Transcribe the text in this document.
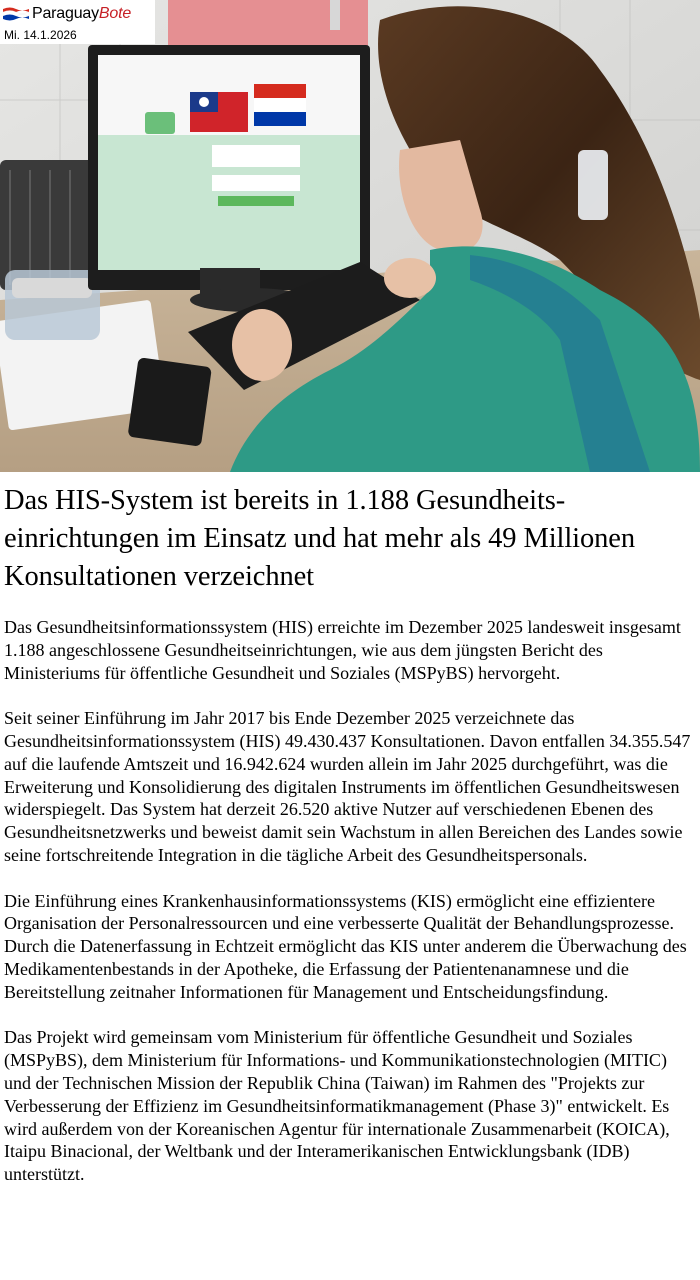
ParaguayBote
Mi. 14.1.2026
Das HIS-System ist bereits in 1.188 Gesundheits-einrichtungen im Einsatz und hat mehr als 49 Millionen Konsultationen verzeichnet

Das Gesundheitsinformationssystem (HIS) erreichte im Dezember 2025 landesweit insgesamt 1.188 angeschlossene Gesundheitseinrichtungen, wie aus dem jüngsten Bericht des Ministeriums für öffentliche Gesundheit und Soziales (MSPyBS) hervorgeht.

Seit seiner Einführung im Jahr 2017 bis Ende Dezember 2025 verzeichnete das Gesundheitsinformationssystem (HIS) 49.430.437 Konsultationen. Davon entfallen 34.355.547 auf die laufende Amtszeit und 16.942.624 wurden allein im Jahr 2025 durchgeführt, was die Erweiterung und Konsolidierung des digitalen Instruments im öffentlichen Gesundheitswesen widerspiegelt. Das System hat derzeit 26.520 aktive Nutzer auf verschiedenen Ebenen des Gesundheitsnetzwerks und beweist damit sein Wachstum in allen Bereichen des Landes sowie seine fortschreitende Integration in die tägliche Arbeit des Gesundheitspersonals.

Die Einführung eines Krankenhausinformationssystems (KIS) ermöglicht eine effizientere Organisation der Personalressourcen und eine verbesserte Qualität der Behandlungsprozesse. Durch die Datenerfassung in Echtzeit ermöglicht das KIS unter anderem die Überwachung des Medikamentenbestands in der Apotheke, die Erfassung der Patientenanamnese und die Bereitstellung zeitnaher Informationen für Management und Entscheidungsfindung.

Das Projekt wird gemeinsam vom Ministerium für öffentliche Gesundheit und Soziales (MSPyBS), dem Ministerium für Informations- und Kommunikationstechnologien (MITIC) und der Technischen Mission der Republik China (Taiwan) im Rahmen des "Projekts zur Verbesserung der Effizienz im Gesundheitsinformatikmanagement (Phase 3)" entwickelt. Es wird außerdem von der Koreanischen Agentur für internationale Zusammenarbeit (KOICA), Itaipu Binacional, der Weltbank und der Interamerikanischen Entwicklungsbank (IDB) unterstützt.
